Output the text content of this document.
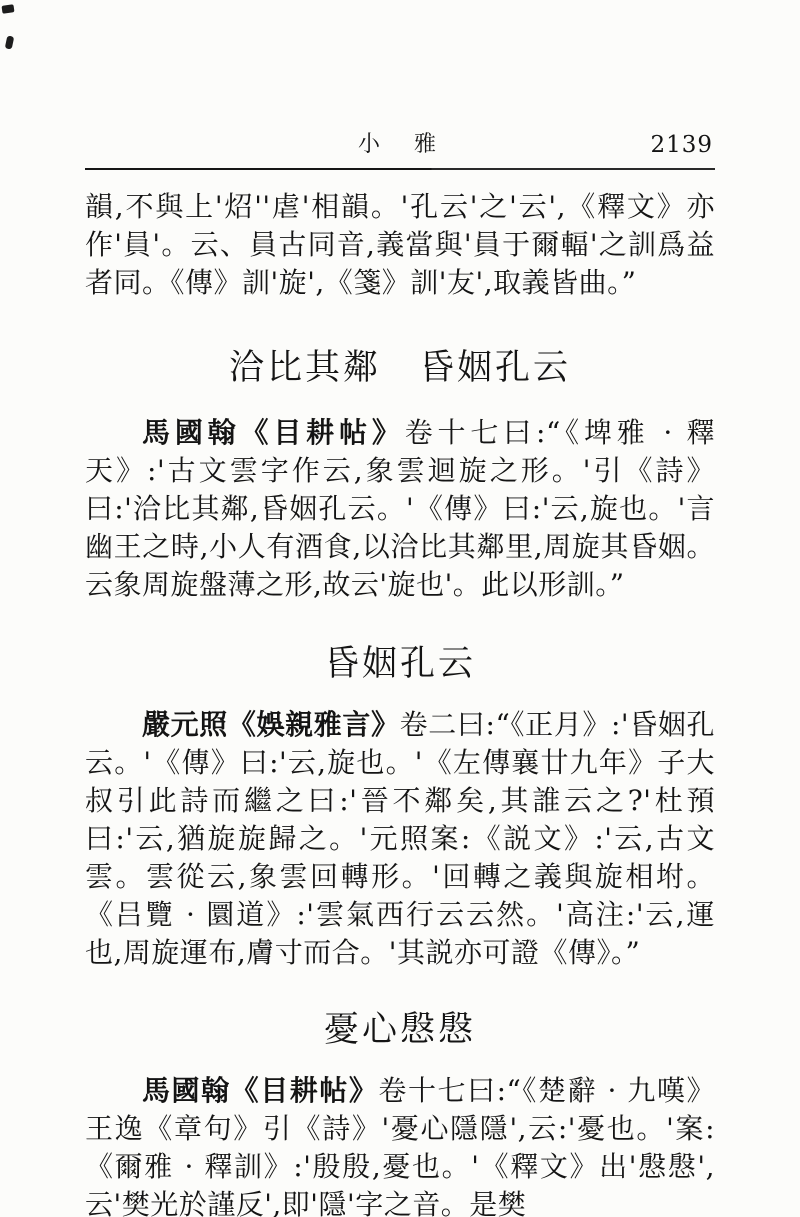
小　雅	2139

韻,不與上'炤''虐'相韻。'孔云'之'云',《釋文》亦作'員'。云、員古同音,義當與'員于爾輻'之訓爲益者同。《傳》訓'旋',《箋》訓'友',取義皆曲。”

洽比其鄰　昏姻孔云

馬國翰《目耕帖》卷十七曰:“《埤雅 · 釋天》:'古文雲字作云,象雲迴旋之形。'引《詩》曰:'洽比其鄰,昏姻孔云。'《傳》曰:'云,旋也。'言幽王之時,小人有酒食,以洽比其鄰里,周旋其昏姻。云象周旋盤薄之形,故云'旋也'。此以形訓。”

昏姻孔云

嚴元照《娛親雅言》卷二曰:“《正月》:'昏姻孔云。'《傳》曰:'云,旋也。'《左傳襄廿九年》子大叔引此詩而繼之曰:'晉不鄰矣,其誰云之?'杜預曰:'云,猶旋旋歸之。'元照案:《説文》:'云,古文雲。雲從云,象雲回轉形。'回轉之義與旋相坿。《吕覽 · 圜道》:'雲氣西行云云然。'高注:'云,運也,周旋運布,膚寸而合。'其説亦可證《傳》。”

憂心慇慇

馬國翰《目耕帖》卷十七曰:“《楚辭 · 九嘆》王逸《章句》引《詩》'憂心隱隱',云:'憂也。'案:《爾雅 · 釋訓》:'殷殷,憂也。'《釋文》出'慇慇',云'樊光於謹反',即'隱'字之音。是樊
